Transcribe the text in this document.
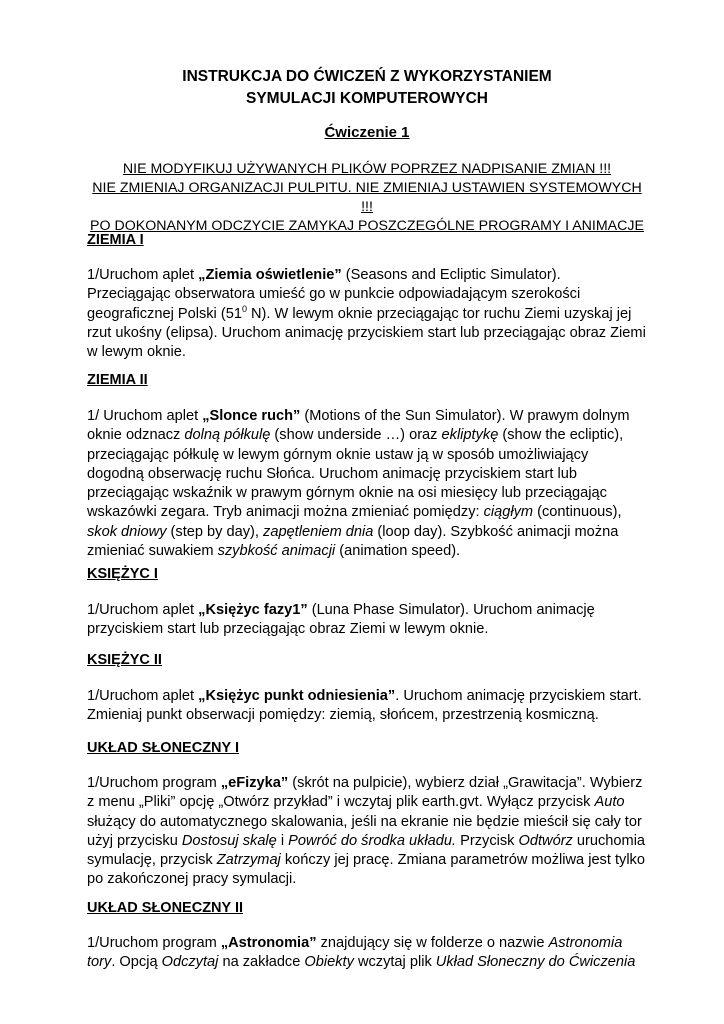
INSTRUKCJA DO ĆWICZEŃ Z WYKORZYSTANIEM
SYMULACJI KOMPUTEROWYCH
Ćwiczenie 1
NIE MODYFIKUJ UŻYWANYCH PLIKÓW POPRZEZ NADPISANIE ZMIAN !!!
NIE ZMIENIAJ ORGANIZACJI PULPITU. NIE ZMIENIAJ USTAWIEN SYSTEMOWYCH !!!
PO DOKONANYM ODCZYCIE ZAMYKAJ POSZCZEGÓLNE PROGRAMY I ANIMACJE
ZIEMIA I
1/Uruchom aplet „Ziemia oświetlenie” (Seasons and Ecliptic Simulator). Przeciągając obserwatora umieść go w punkcie odpowiadającym szerokości geograficznej Polski ($51^0$ N). W lewym oknie przeciągając tor ruchu Ziemi uzyskaj jej rzut ukośny (elipsa). Uruchom animację przyciskiem start lub przeciągając obraz Ziemi w lewym oknie.
ZIEMIA II
1/ Uruchom aplet „Slonce ruch” (Motions of the Sun Simulator). W prawym dolnym oknie odznacz dolną półkulę (show underside …) oraz ekliptykę (show the ecliptic), przeciągając półkulę w lewym górnym oknie ustaw ją w sposób umożliwiający dogodną obserwację ruchu Słońca. Uruchom animację przyciskiem start lub przeciągając wskaźnik w prawym górnym oknie na osi miesięcy lub przeciągając wskazówki zegara. Tryb animacji można zmieniać pomiędzy: ciągłym (continuous), skok dniowy (step by day), zapętleniem dnia (loop day). Szybkość animacji można zmieniać suwakiem szybkość animacji (animation speed).
KSIĘŻYC I
1/Uruchom aplet „Księżyc fazy1” (Luna Phase Simulator). Uruchom animację przyciskiem start lub przeciągając obraz Ziemi w lewym oknie.
KSIĘŻYC II
1/Uruchom aplet „Księżyc punkt odniesienia”. Uruchom animację przyciskiem start. Zmieniaj punkt obserwacji pomiędzy: ziemią, słońcem, przestrzenią kosmiczną.
UKŁAD SŁONECZNY I
1/Uruchom program „eFizyka” (skrót na pulpicie), wybierz dział „Grawitacja”. Wybierz z menu „Pliki” opcję „Otwórz przykład” i wczytaj plik earth.gvt. Wyłącz przycisk Auto służący do automatycznego skalowania, jeśli na ekranie nie będzie mieścił się cały tor użyj przycisku Dostosuj skalę i Powróć do środka układu. Przycisk Odtwórz uruchomia symulację, przycisk Zatrzymaj kończy jej pracę. Zmiana parametrów możliwa jest tylko po zakończonej pracy symulacji.
UKŁAD SŁONECZNY II
1/Uruchom program „Astronomia” znajdujący się w folderze o nazwie Astronomia tory. Opcją Odczytaj na zakładce Obiekty wczytaj plik Układ Słoneczny do Ćwiczenia
